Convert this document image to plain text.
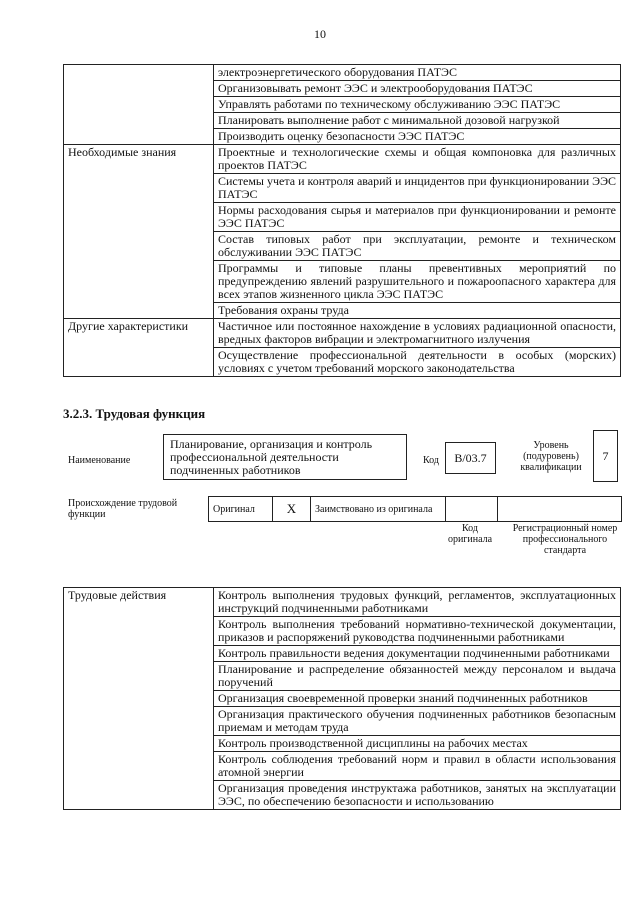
10
	электроэнергетического оборудования ПАТЭС
	Организовывать ремонт ЭЭС и электрооборудования ПАТЭС
	Управлять работами по техническому обслуживанию ЭЭС ПАТЭС
	Планировать выполнение работ с минимальной дозовой нагрузкой
	Производить оценку безопасности ЭЭС ПАТЭС
Необходимые знания	Проектные и технологические схемы и общая компоновка для различных проектов ПАТЭС
	Системы учета и контроля аварий и инцидентов при функционировании ЭЭС ПАТЭС
	Нормы расходования сырья и материалов при функционировании и ремонте ЭЭС ПАТЭС
	Состав типовых работ при эксплуатации, ремонте и техническом обслуживании ЭЭС ПАТЭС
	Программы и типовые планы превентивных мероприятий по предупреждению явлений разрушительного и пожароопасного характера для всех этапов жизненного цикла ЭЭС ПАТЭС
	Требования охраны труда
Другие характеристики	Частичное или постоянное нахождение в условиях радиационной опасности, вредных факторов вибрации и электромагнитного излучения
	Осуществление профессиональной деятельности в особых (морских) условиях с учетом требований морского законодательства
3.2.3. Трудовая функция
Наименование
Планирование, организация и контроль профессиональной деятельности подчиненных работников
Код	B/03.7
Уровень (подуровень) квалификации
7
Происхождение трудовой функции	Оригинал	X	Заимствовано из оригинала		
Код оригинала
Регистрационный номер профессионального стандарта
Трудовые действия	Контроль выполнения трудовых функций, регламентов, эксплуатационных инструкций подчиненными работниками
Контроль выполнения требований нормативно-технической документации, приказов и распоряжений руководства подчиненными работниками
Контроль правильности ведения документации подчиненными работниками
Планирование и распределение обязанностей между персоналом и выдача поручений
Организация своевременной проверки знаний подчиненных работников
Организация практического обучения подчиненных работников безопасным приемам и методам труда
Контроль производственной дисциплины на рабочих местах
Контроль соблюдения требований норм и правил в области использования атомной энергии
Организация проведения инструктажа работников, занятых на эксплуатации ЭЭС, по обеспечению безопасности и использованию
